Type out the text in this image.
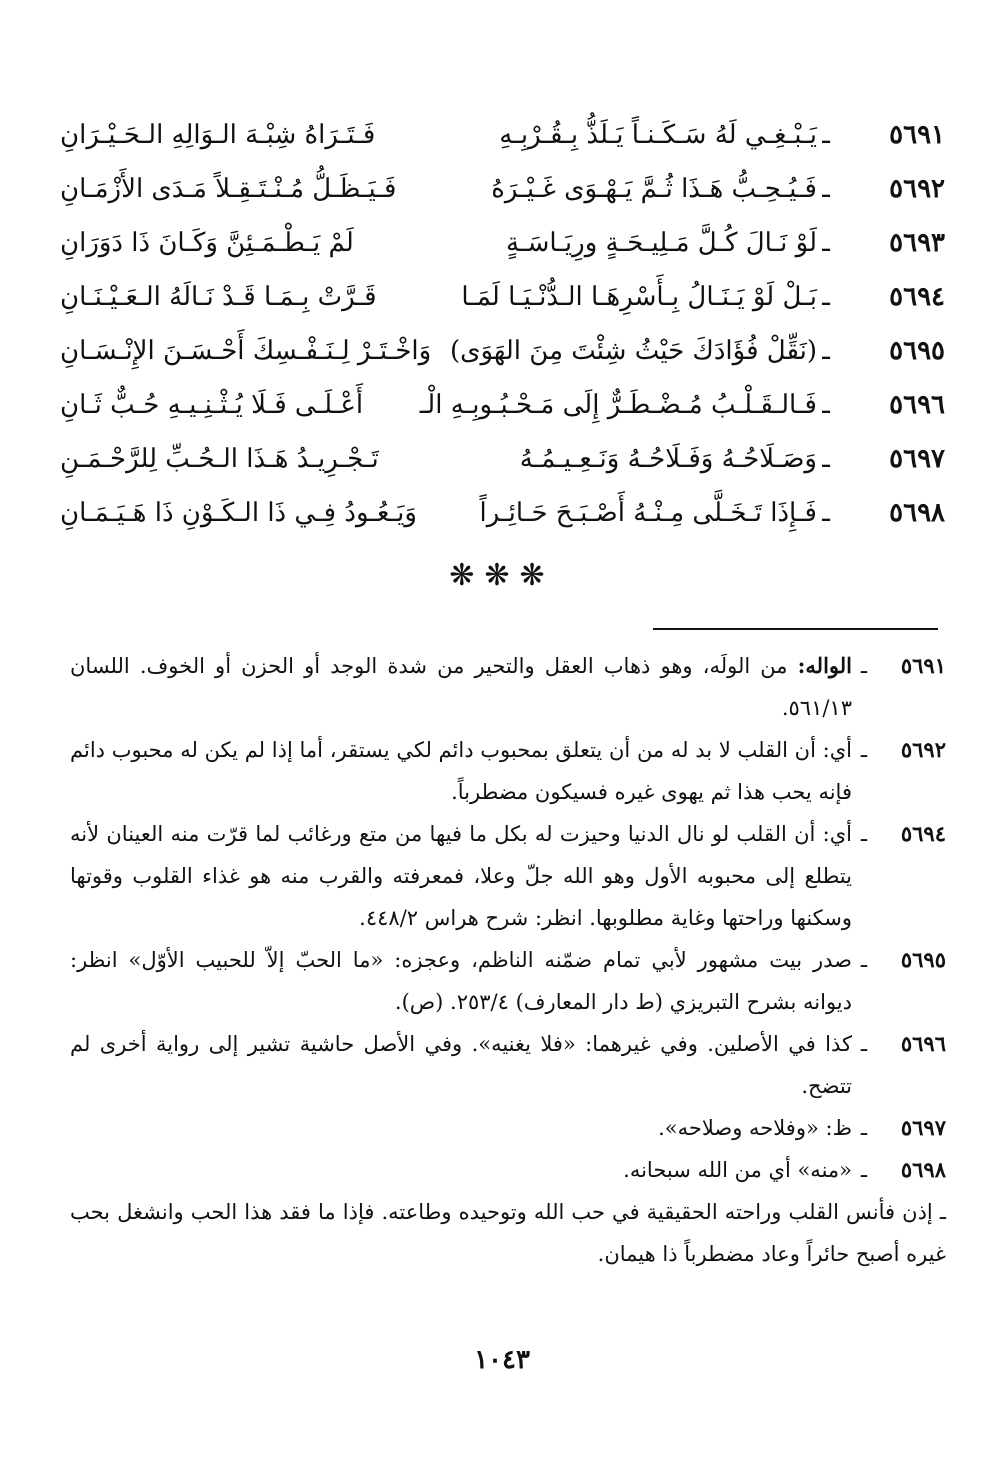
٥٦٩١
ـ
يَـبْـغِـي لَهُ سَـكَـنـاً يَـلَذُّ بِـقُـرْبِـهِ
فَـتَـرَاهُ شِبْـهَ الـوَالِهِ الـحَـيْـرَانِ
٥٦٩٢
ـ
فَـيُـحِـبُّ هَـذَا ثُـمَّ يَـهْـوَى غَـيْـرَهُ
فَـيَـظَـلُّ مُـنْـتَـقِـلاً مَـدَى الأَزْمَـانِ
٥٦٩٣
ـ
لَوْ نَـالَ كُـلَّ مَـلِيـحَـةٍ ورِيَـاسَـةٍ
لَمْ يَـطْـمَـئِنَّ وَكَـانَ ذَا دَوَرَانِ
٥٦٩٤
ـ
بَـلْ لَوْ يَـنَـالُ بِـأَسْرِهَـا الـدُّنْـيَـا لَمَـا
قَـرَّتْ بِـمَـا قَـدْ نَـالَهُ الـعَـيْـنَـانِ
٥٦٩٥
ـ
(نَقِّلْ فُؤَادَكَ حَيْثُ شِئْتَ مِنَ الهَوَى)
وَاخْـتَـرْ لِـنَـفْـسِكَ أَحْـسَـنَ الإِنْـسَـانِ
٥٦٩٦
ـ
فَـالـقَـلْـبُ مُـضْـطَـرٌّ إِلَى مَـحْـبُـوبِـهِ الْـ
أَعْـلَـى فَـلَا يُـثْـنِـيـهِ حُـبٌّ ثَـانِ
٥٦٩٧
ـ
وَصَـلَاحُـهُ وَفَـلَاحُـهُ وَنَـعِـيـمُـهُ
تَـجْـرِيـدُ هَـذَا الـحُـبِّ لِلرَّحْـمَـنِ
٥٦٩٨
ـ
فَـإِذَا تَـخَـلَّى مِـنْـهُ أَصْـبَـحَ حَـائِـراً
وَيَـعُـودُ فِـي ذَا الـكَـوْنِ ذَا هَـيَـمَـانِ
❋❋❋
٥٦٩١
ـ
الواله: من الولَه، وهو ذهاب العقل والتحير من شدة الوجد أو الحزن أو الخوف. اللسان ٥٦١/١٣.
٥٦٩٢
ـ
أي: أن القلب لا بد له من أن يتعلق بمحبوب دائم لكي يستقر، أما إذا لم يكن له محبوب دائم فإنه يحب هذا ثم يهوى غيره فسيكون مضطرباً.
٥٦٩٤
ـ
أي: أن القلب لو نال الدنيا وحيزت له بكل ما فيها من متع ورغائب لما قرّت منه العينان لأنه يتطلع إلى محبوبه الأول وهو الله جلّ وعلا، فمعرفته والقرب منه هو غذاء القلوب وقوتها وسكنها وراحتها وغاية مطلوبها. انظر: شرح هراس ٤٤٨/٢.
٥٦٩٥
ـ
صدر بيت مشهور لأبي تمام ضمّنه الناظم، وعجزه: «ما الحبّ إلاّ للحبيب الأوّل» انظر: ديوانه بشرح التبريزي (ط دار المعارف) ٢٥٣/٤. (ص).
٥٦٩٦
ـ
كذا في الأصلين. وفي غيرهما: «فلا يغنيه». وفي الأصل حاشية تشير إلى رواية أخرى لم تتضح.
٥٦٩٧
ـ
ظ: «وفلاحه وصلاحه».
٥٦٩٨
ـ
«منه» أي من الله سبحانه.
ـ إذن فأنس القلب وراحته الحقيقية في حب الله وتوحيده وطاعته. فإذا ما فقد هذا الحب وانشغل بحب غيره أصبح حائراً وعاد مضطرباً ذا هيمان.
١٠٤٣
